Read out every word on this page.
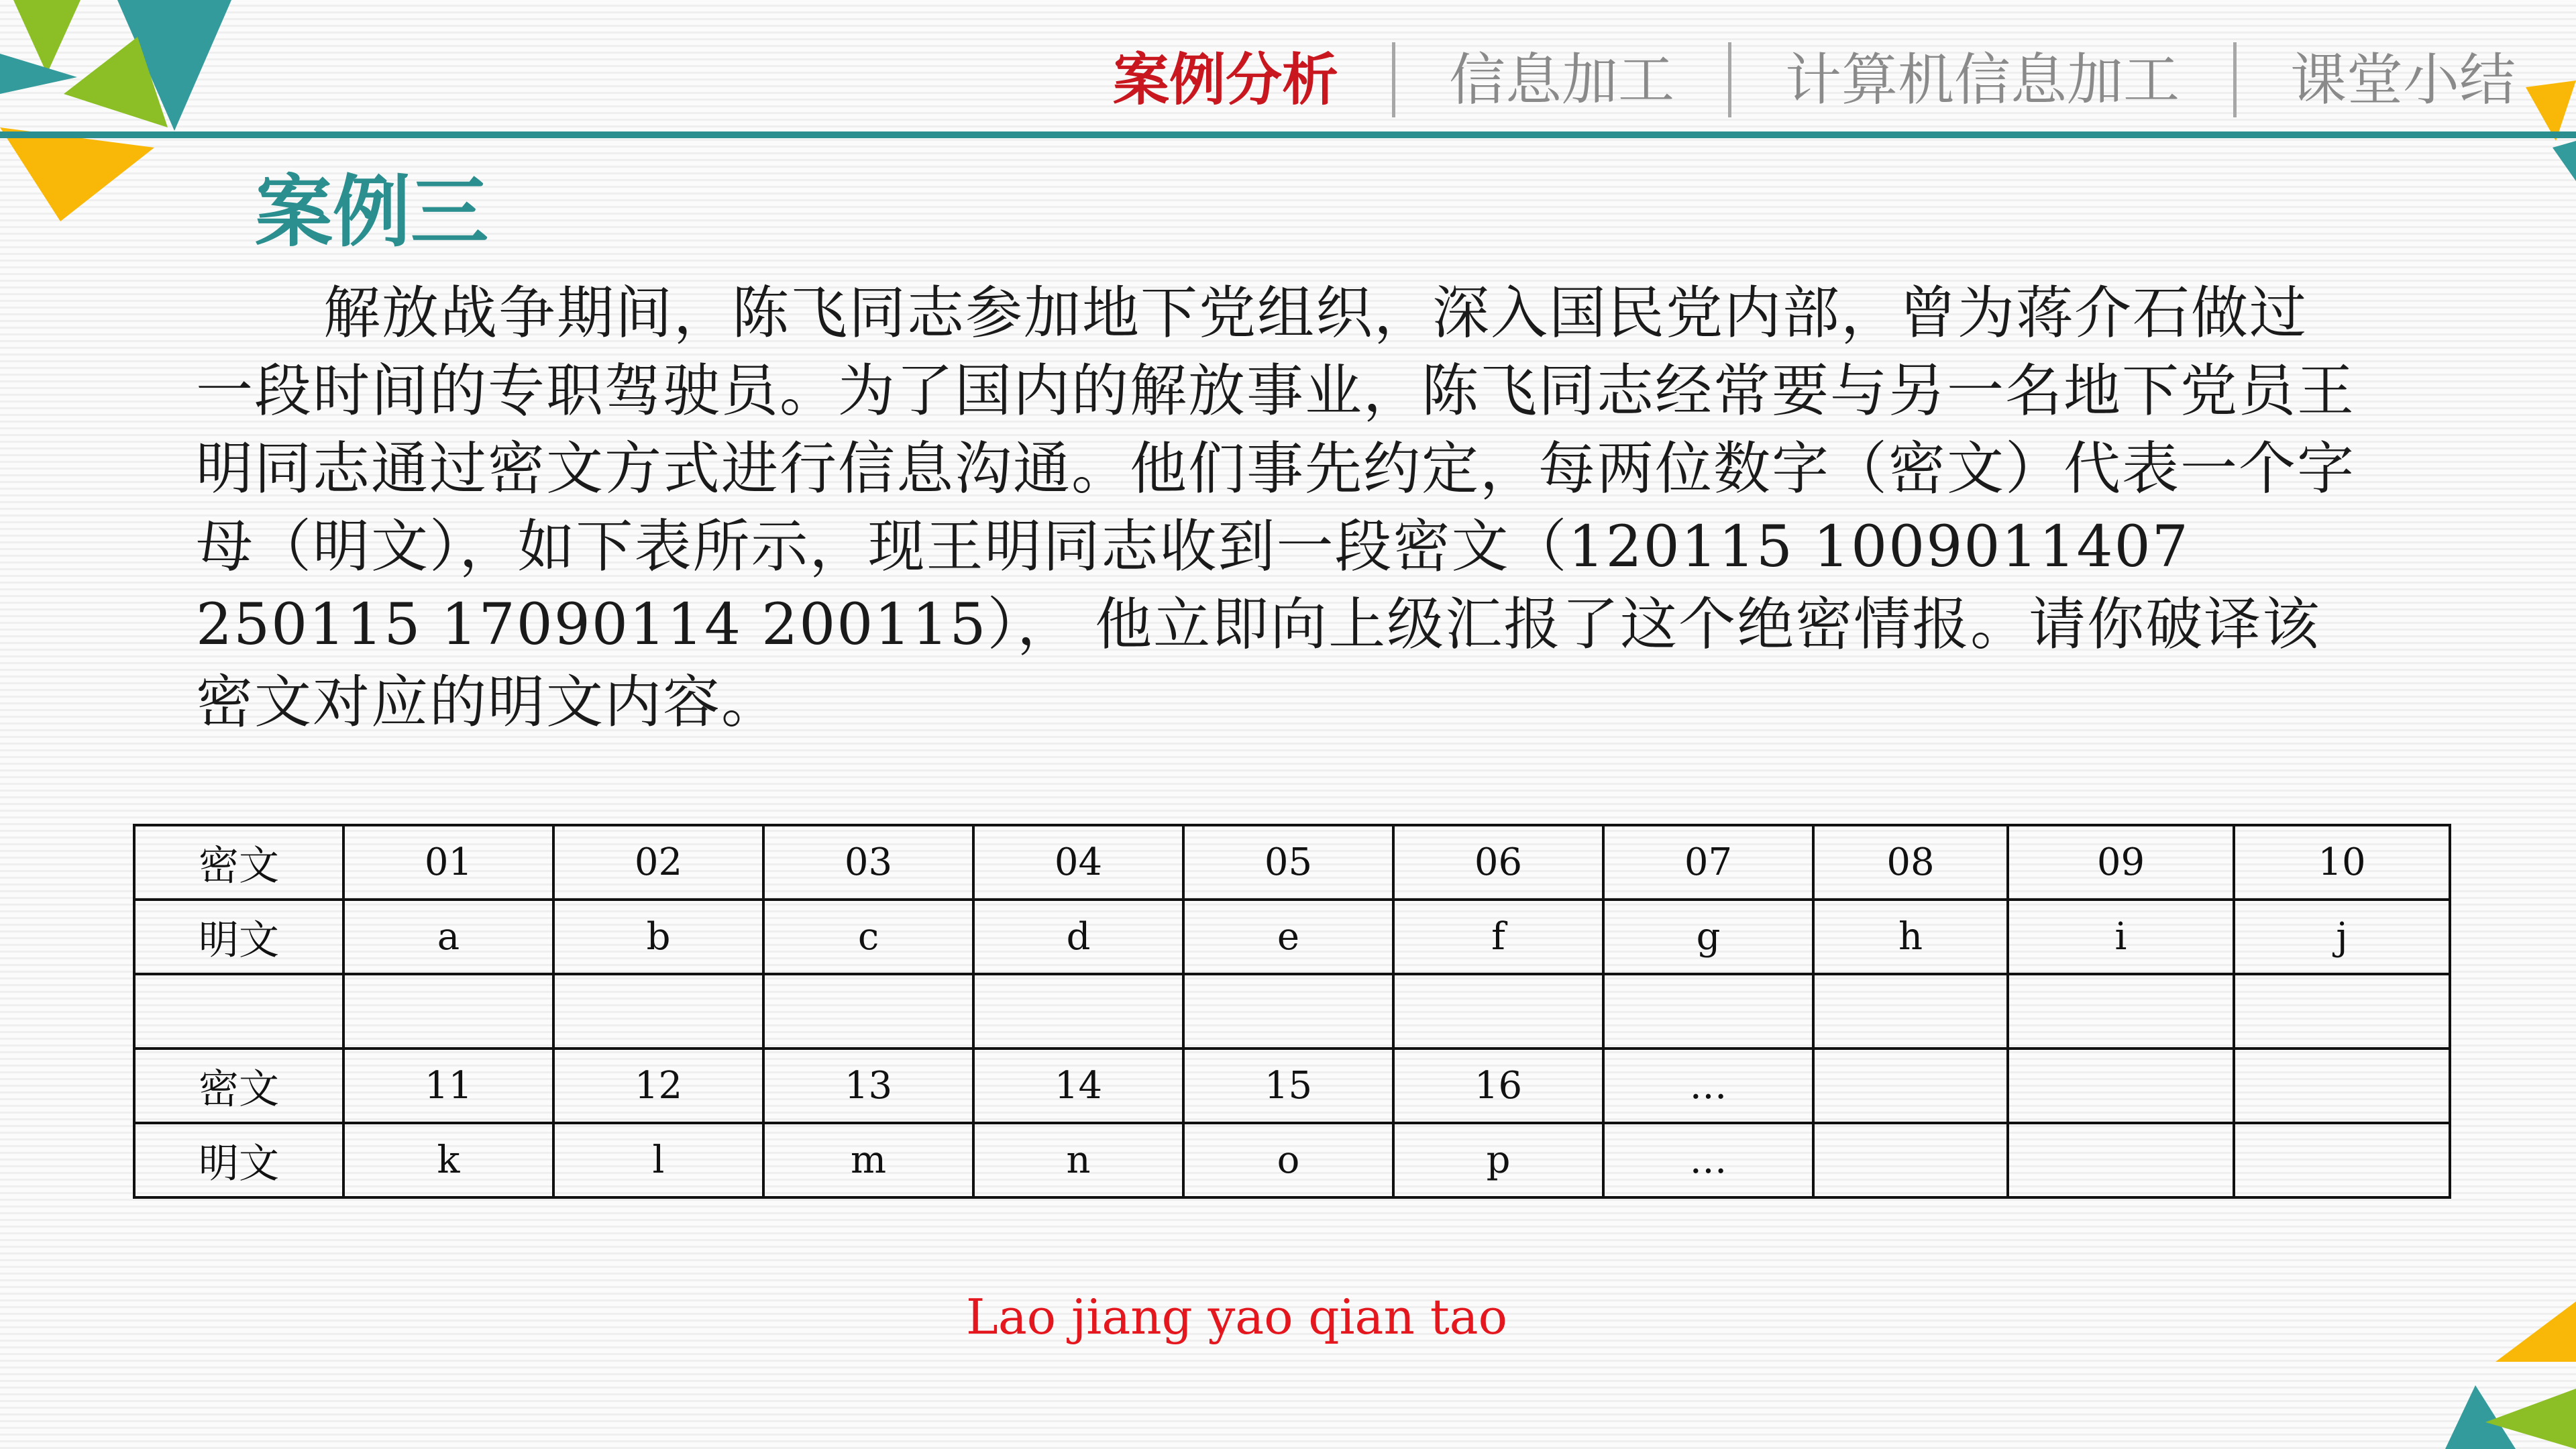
案例分析	信息加工	计算机信息加工	课堂小结
案例三
解放战争期间，陈飞同志参加地下党组织，深入国民党内部，曾为蒋介石做过一段时间的专职驾驶员。为了国内的解放事业，陈飞同志经常要与另一名地下党员王明同志通过密文方式进行信息沟通。他们事先约定，每两位数字（密文）代表一个字母（明文），如下表所示，现王明同志收到一段密文（120115 1009011407 250115 17090114 200115）， 他立即向上级汇报了这个绝密情报。请你破译该密文对应的明文内容。
密文	01	02	03	04	05	06	07	08	09	10
明文	a	b	c	d	e	f	g	h	i	j

密文	11	12	13	14	15	16	…			
明文	k	l	m	n	o	p	…			
Lao jiang yao qian tao
